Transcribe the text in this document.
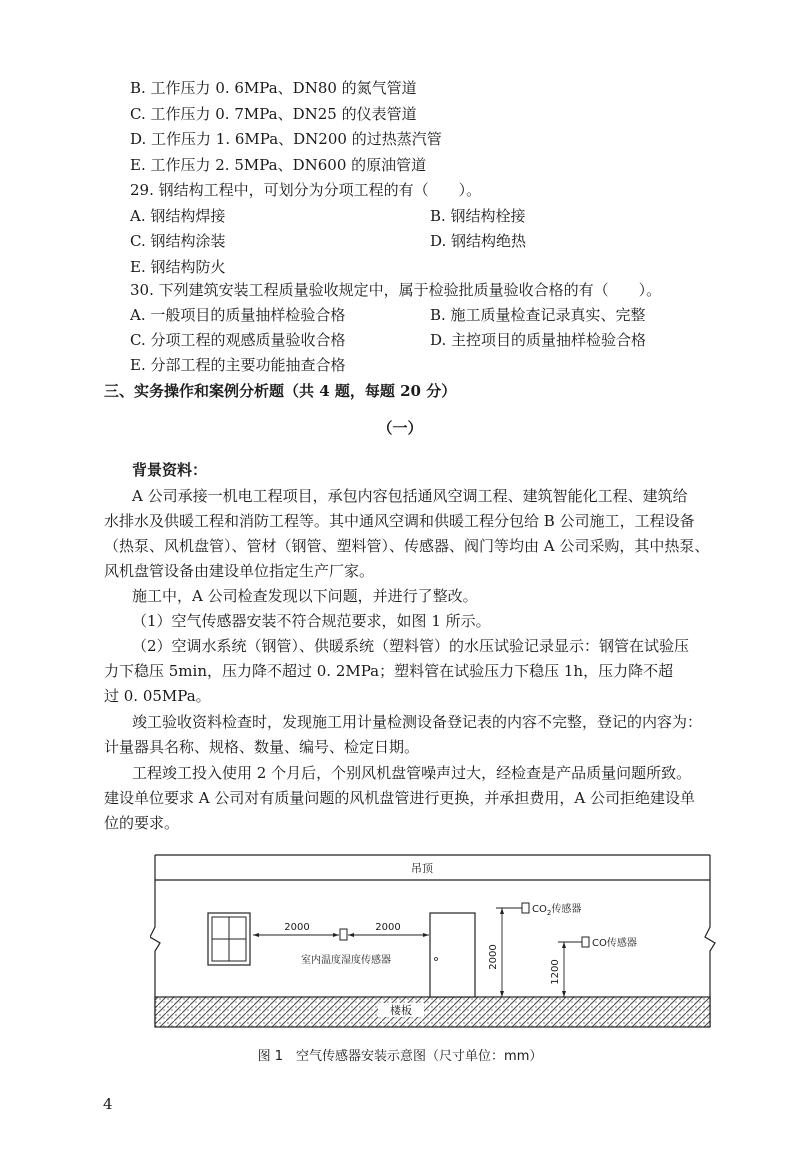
B. 工作压力 0. 6MPa、DN80 的氮气管道
C. 工作压力 0. 7MPa、DN25 的仪表管道
D. 工作压力 1. 6MPa、DN200 的过热蒸汽管
E. 工作压力 2. 5MPa、DN600 的原油管道
29. 钢结构工程中，可划分为分项工程的有（　　）。
A. 钢结构焊接	B. 钢结构栓接
C. 钢结构涂装	D. 钢结构绝热
E. 钢结构防火
30. 下列建筑安装工程质量验收规定中，属于检验批质量验收合格的有（　　）。
A. 一般项目的质量抽样检验合格	B. 施工质量检查记录真实、完整
C. 分项工程的观感质量验收合格	D. 主控项目的质量抽样检验合格
E. 分部工程的主要功能抽查合格
三、实务操作和案例分析题（共 4 题，每题 20 分）
（一）
背景资料：
A 公司承接一机电工程项目，承包内容包括通风空调工程、建筑智能化工程、建筑给
水排水及供暖工程和消防工程等。其中通风空调和供暖工程分包给 B 公司施工，工程设备
（热泵、风机盘管）、管材（钢管、塑料管）、传感器、阀门等均由 A 公司采购，其中热泵、
风机盘管设备由建设单位指定生产厂家。
施工中，A 公司检查发现以下问题，并进行了整改。
（1）空气传感器安装不符合规范要求，如图 1 所示。
（2）空调水系统（钢管）、供暖系统（塑料管）的水压试验记录显示：钢管在试验压
力下稳压 5min，压力降不超过 0. 2MPa；塑料管在试验压力下稳压 1h，压力降不超
过 0. 05MPa。
竣工验收资料检查时，发现施工用计量检测设备登记表的内容不完整，登记的内容为：
计量器具名称、规格、数量、编号、检定日期。
工程竣工投入使用 2 个月后，个别风机盘管噪声过大，经检查是产品质量问题所致。
建设单位要求 A 公司对有质量问题的风机盘管进行更换，并承担费用，A 公司拒绝建设单
位的要求。
吊顶
楼板
2000	2000
室内温度湿度传感器	2000
$CO_2$传感器
1200
CO传感器
图 1　空气传感器安装示意图（尺寸单位：mm）
4
